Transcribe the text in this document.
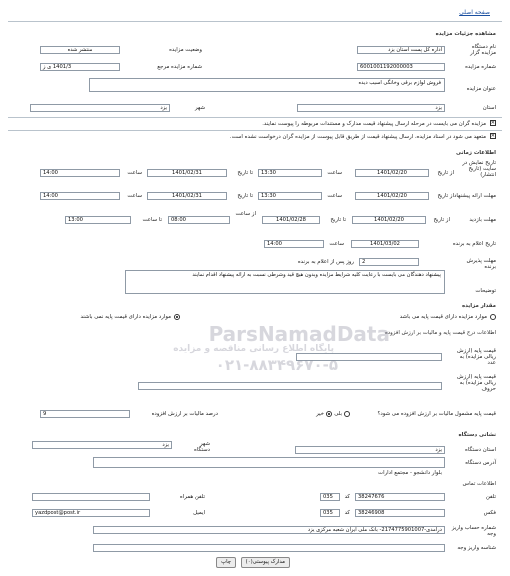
صفحه اصلی
مشاهده جزئیات مزایده
نام دستگاه مزایده گزار
اداره کل پست استان یزد
وضعیت مزایده
منتشر شده
شماره مزایده
6001001192000003
شماره مزایده مرجع
1401/3 ی ز
عنوان مزایده
فروش لوازم برقی وخانگی اسیب دیده
استان
یزد
شهر
یزد
✕
مزایده گران می بایست در مرحله ارسال پیشنهاد قیمت مدارک و مستندات مربوطه را پیوست نمایند.
✕
متعهد می شود در اسناد مزایده، ارسال پیشنهاد قیمت از طریق قابل پیوست از مزایده گران درخواست نشده است.
اطلاعات زمانی
تاریخ نمایش در سایت (تاریخ انتشار)
از تاریخ
1401/02/20
ساعت
13:30
تا تاریخ
1401/02/31
ساعت
14:00
مهلت ارائه پیشنهاد
از تاریخ
1401/02/20
ساعت
13:30
تا تاریخ
1401/02/31
ساعت
14:00
مهلت بازدید
از تاریخ
1401/02/20
تا تاریخ
1401/02/28
از ساعت
08:00
تا ساعت
13:00
تاریخ اعلام به برنده
1401/03/02
ساعت
14:00
مهلت پذیرش برنده
2
روز پس از اعلام به برنده
توضیحات
پیشنهاد دهندگان می بایست با رعایت کلیه شرایط مزایده وبدون هیچ قید وشرطی نسبت به ارائه پیشنهاد اقدام نمایند
مقدار مزایده
موارد مزایده دارای قیمت پایه می باشد
موارد مزایده دارای قیمت پایه نمی باشند
اطلاعات درج قیمت پایه و مالیات بر ارزش افزوده
قیمت پایه (ارزش ریالی مزایده) به عدد
قیمت پایه (ارزش ریالی مزایده) به حروف
قیمت پایه مشمول مالیات بر ارزش افزوده می شود؟
بلی
خیر
درصد مالیات بر ارزش افزوده
9
نشانی دستگاه
استان دستگاه
یزد
شهر دستگاه
یزد
آدرس دستگاه
بلوار دانشجو - مجتمع ادارات
اطلاعات تماس
تلفن
38247676
کد
035
تلفن همراه
فکس
38246908
کد
035
ایمیل
yazdpost@post.ir
شماره حساب واریز وجه
درآمدی-2174775901007- بانک ملی ایران شعبه مرکزی یزد
شناسه واریز وجه
مدارک پیوستی(۰)
چاپ
ParsNamadData
پایگاه اطلاع رسانی مناقصه و مزایده
۰۲۱-۸۸۳۴۹۶۷۰-۵
